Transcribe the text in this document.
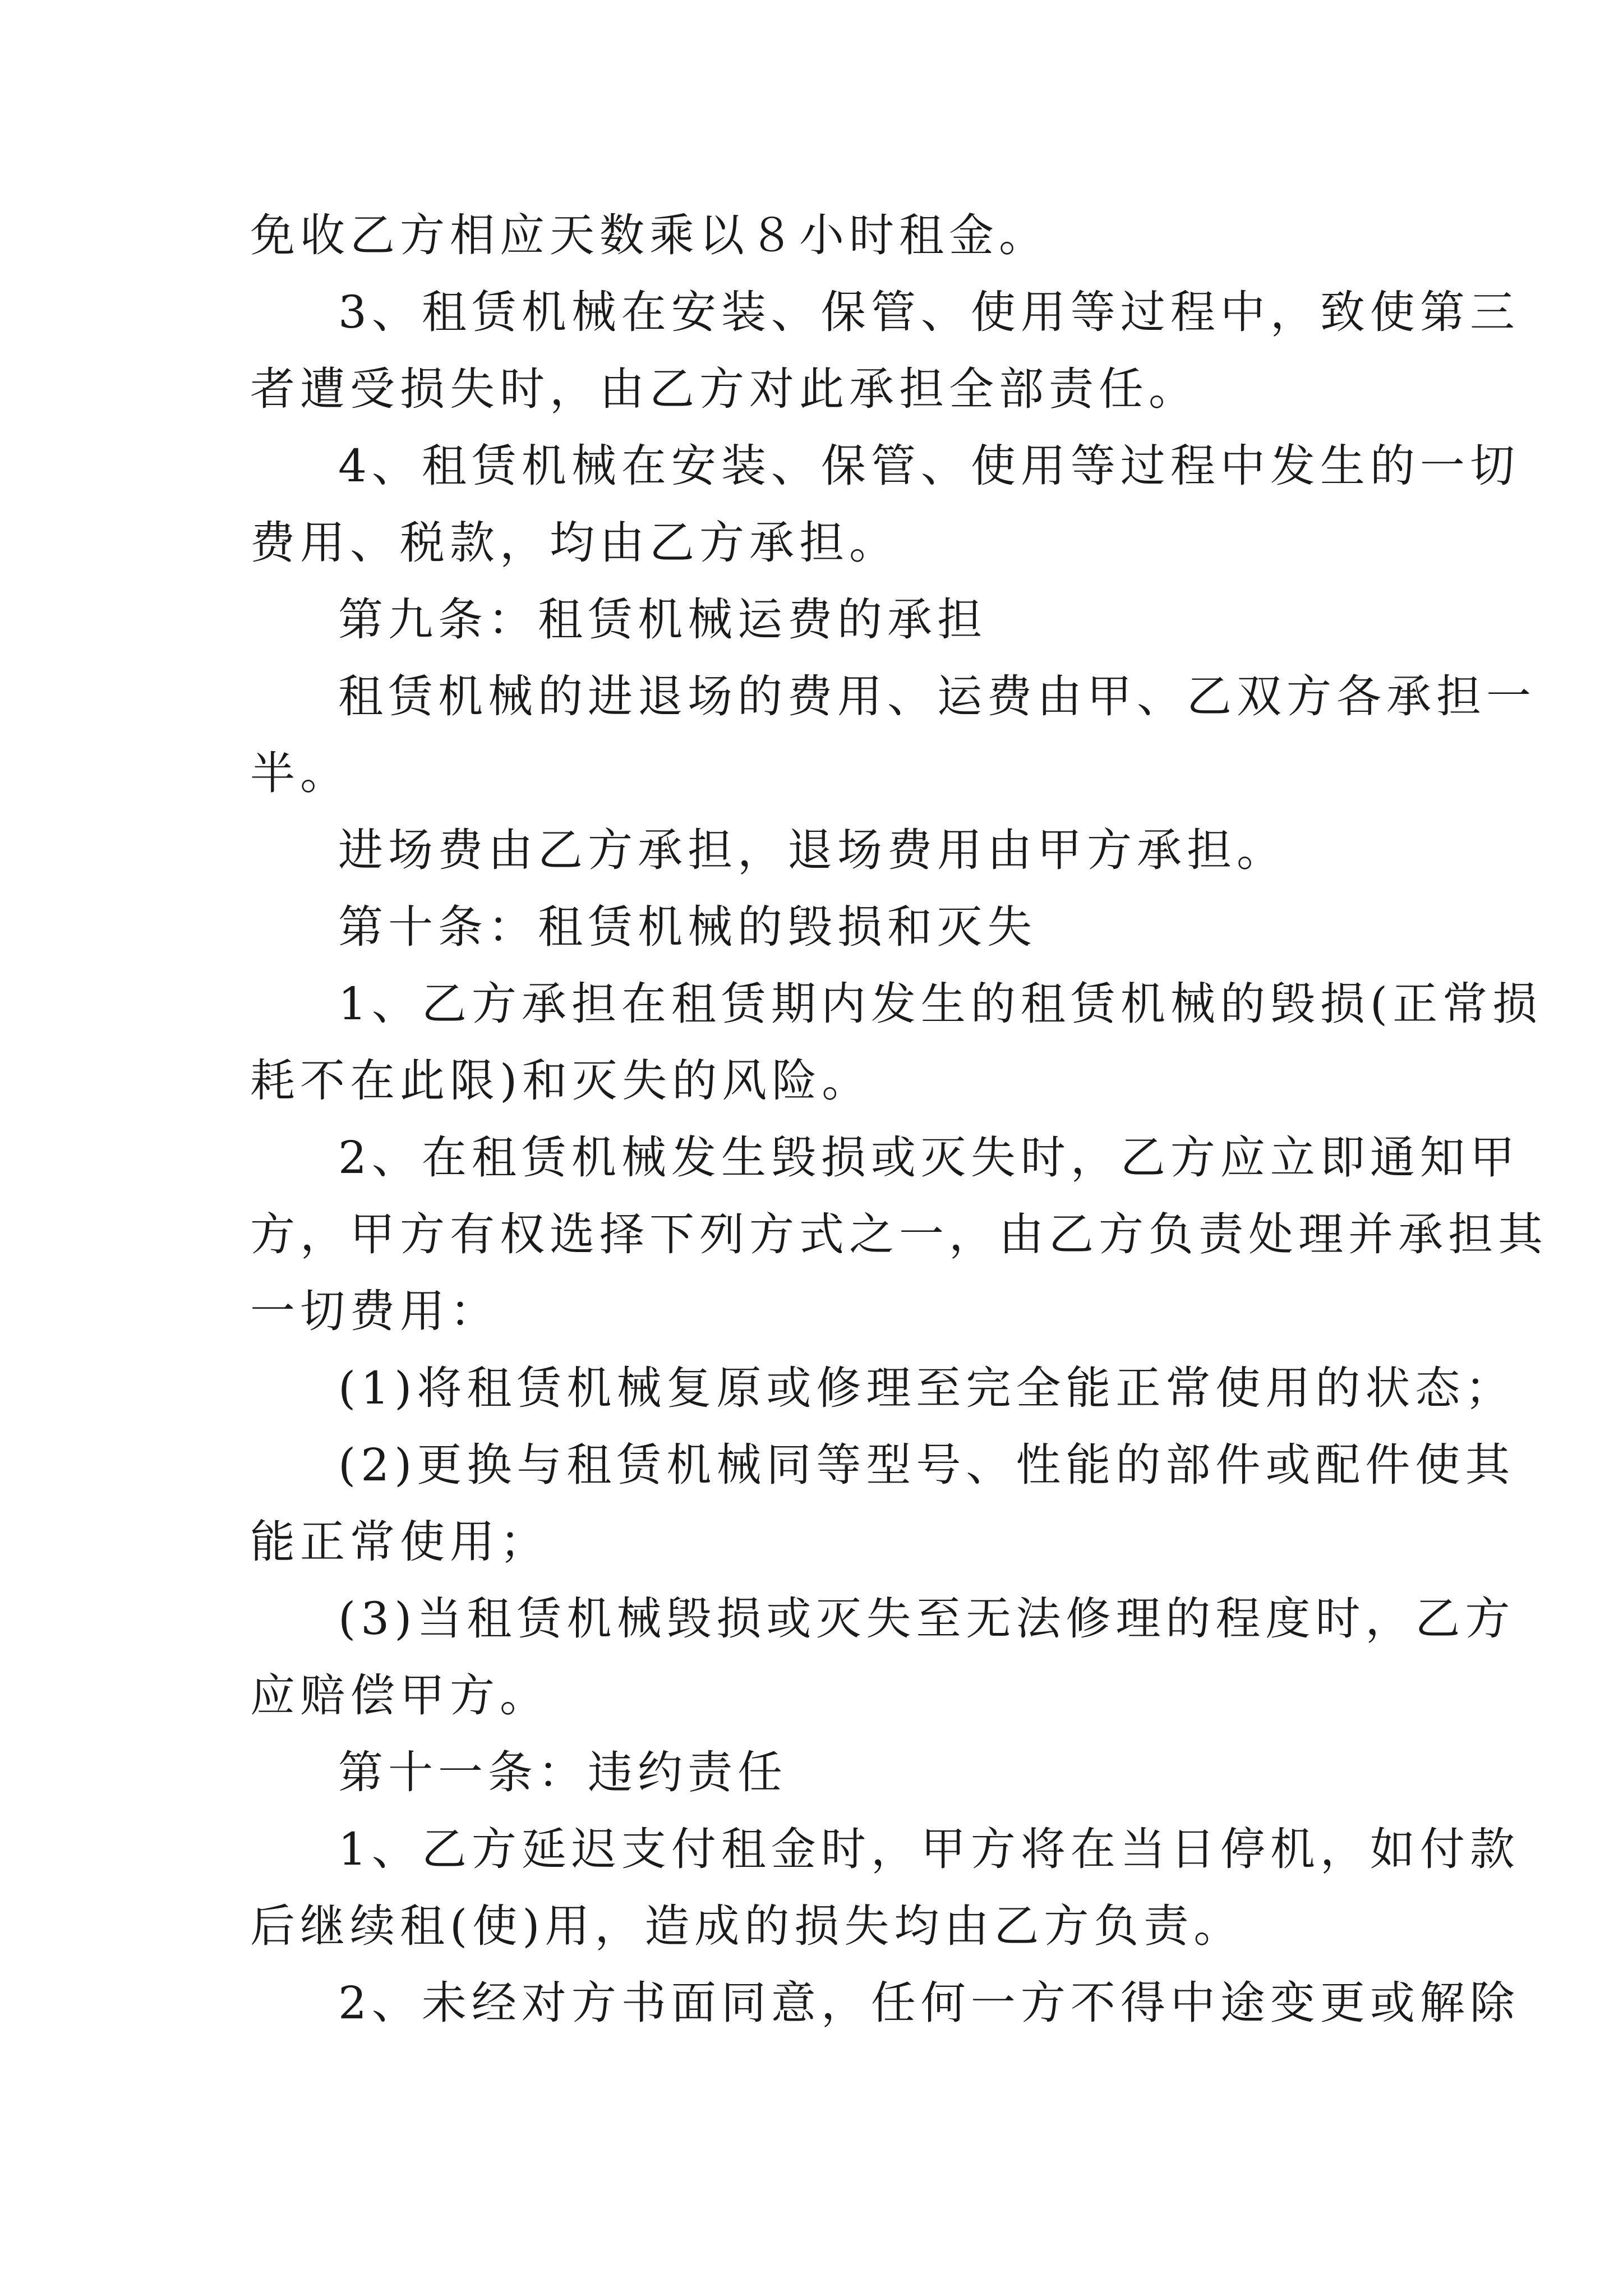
免收乙方相应天数乘以８小时租金。
3、租赁机械在安装、保管、使用等过程中，致使第三
者遭受损失时，由乙方对此承担全部责任。
4、租赁机械在安装、保管、使用等过程中发生的一切
费用、税款，均由乙方承担。
第九条：租赁机械运费的承担
租赁机械的进退场的费用、运费由甲、乙双方各承担一
半。
进场费由乙方承担，退场费用由甲方承担。
第十条：租赁机械的毁损和灭失
1、乙方承担在租赁期内发生的租赁机械的毁损(正常损
耗不在此限)和灭失的风险。
2、在租赁机械发生毁损或灭失时，乙方应立即通知甲
方，甲方有权选择下列方式之一，由乙方负责处理并承担其
一切费用：
(1)将租赁机械复原或修理至完全能正常使用的状态；
(2)更换与租赁机械同等型号、性能的部件或配件使其
能正常使用；
(3)当租赁机械毁损或灭失至无法修理的程度时，乙方
应赔偿甲方。
第十一条：违约责任
1、乙方延迟支付租金时，甲方将在当日停机，如付款
后继续租(使)用，造成的损失均由乙方负责。
2、未经对方书面同意，任何一方不得中途变更或解除
